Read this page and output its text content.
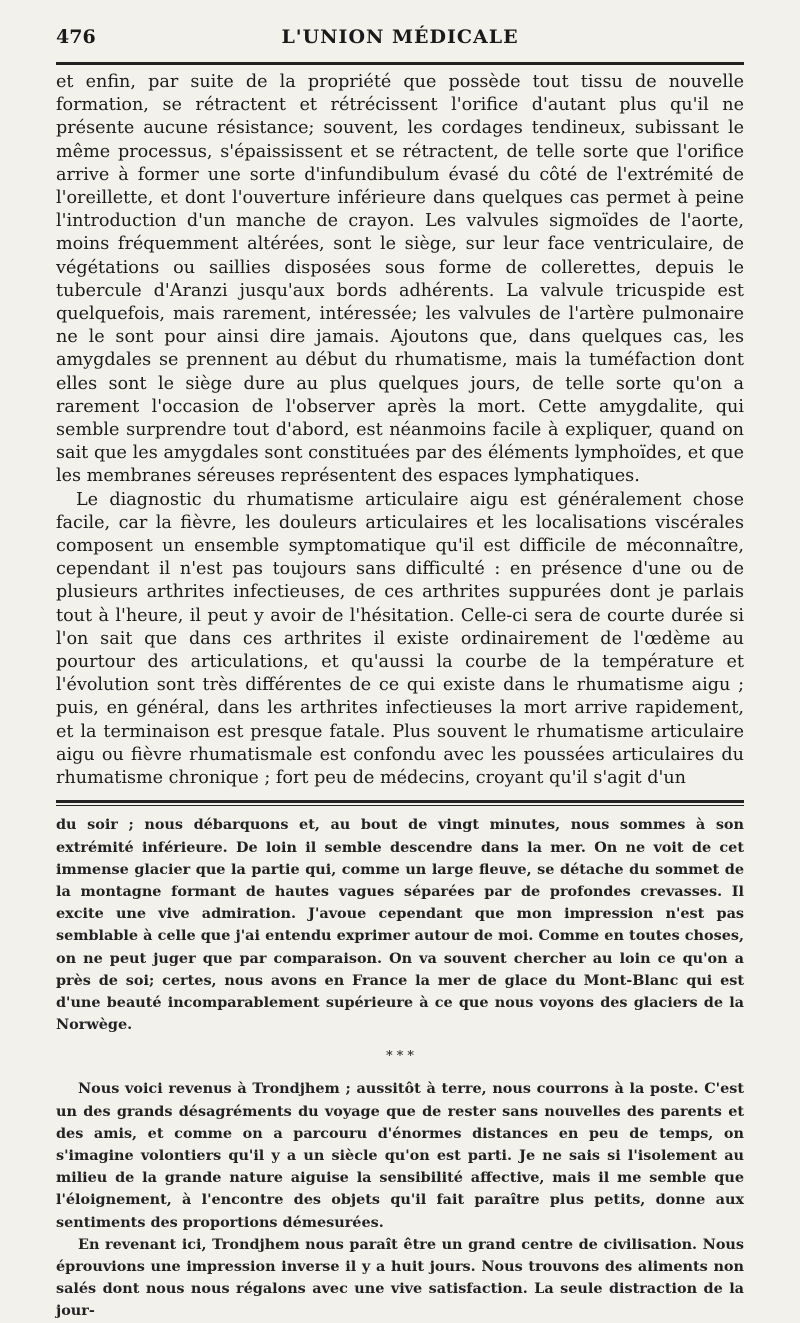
476	L'UNION MÉDICALE

et enfin, par suite de la propriété que possède tout tissu de nouvelle formation, se rétractent et rétrécissent l'orifice d'autant plus qu'il ne présente aucune résistance; souvent, les cordages tendineux, subissant le même processus, s'épaississent et se rétractent, de telle sorte que l'orifice arrive à former une sorte d'infundibulum évasé du côté de l'extrémité de l'oreillette, et dont l'ouverture inférieure dans quelques cas permet à peine l'introduction d'un manche de crayon. Les valvules sigmoïdes de l'aorte, moins fréquemment altérées, sont le siège, sur leur face ventriculaire, de végétations ou saillies disposées sous forme de collerettes, depuis le tubercule d'Aranzi jusqu'aux bords adhérents. La valvule tricuspide est quelquefois, mais rarement, intéressée; les valvules de l'artère pulmonaire ne le sont pour ainsi dire jamais. Ajoutons que, dans quelques cas, les amygdales se prennent au début du rhumatisme, mais la tuméfaction dont elles sont le siège dure au plus quelques jours, de telle sorte qu'on a rarement l'occasion de l'observer après la mort. Cette amygdalite, qui semble surprendre tout d'abord, est néanmoins facile à expliquer, quand on sait que les amygdales sont constituées par des éléments lymphoïdes, et que les membranes séreuses représentent des espaces lymphatiques.

Le diagnostic du rhumatisme articulaire aigu est généralement chose facile, car la fièvre, les douleurs articulaires et les localisations viscérales composent un ensemble symptomatique qu'il est difficile de méconnaître, cependant il n'est pas toujours sans difficulté : en présence d'une ou de plusieurs arthrites infectieuses, de ces arthrites suppurées dont je parlais tout à l'heure, il peut y avoir de l'hésitation. Celle-ci sera de courte durée si l'on sait que dans ces arthrites il existe ordinairement de l'œdème au pourtour des articulations, et qu'aussi la courbe de la température et l'évolution sont très différentes de ce qui existe dans le rhumatisme aigu ; puis, en général, dans les arthrites infectieuses la mort arrive rapidement, et la terminaison est presque fatale. Plus souvent le rhumatisme articulaire aigu ou fièvre rhumatismale est confondu avec les poussées articulaires du rhumatisme chronique ; fort peu de médecins, croyant qu'il s'agit d'un

du soir ; nous débarquons et, au bout de vingt minutes, nous sommes à son extrémité inférieure. De loin il semble descendre dans la mer. On ne voit de cet immense glacier que la partie qui, comme un large fleuve, se détache du sommet de la montagne formant de hautes vagues séparées par de profondes crevasses. Il excite une vive admiration. J'avoue cependant que mon impression n'est pas semblable à celle que j'ai entendu exprimer autour de moi. Comme en toutes choses, on ne peut juger que par comparaison. On va souvent chercher au loin ce qu'on a près de soi; certes, nous avons en France la mer de glace du Mont-Blanc qui est d'une beauté incomparablement supérieure à ce que nous voyons des glaciers de la Norwège.

* * *

Nous voici revenus à Trondjhem ; aussitôt à terre, nous courrons à la poste. C'est un des grands désagréments du voyage que de rester sans nouvelles des parents et des amis, et comme on a parcouru d'énormes distances en peu de temps, on s'imagine volontiers qu'il y a un siècle qu'on est parti. Je ne sais si l'isolement au milieu de la grande nature aiguise la sensibilité affective, mais il me semble que l'éloignement, à l'encontre des objets qu'il fait paraître plus petits, donne aux sentiments des proportions démesurées.

En revenant ici, Trondjhem nous paraît être un grand centre de civilisation. Nous éprouvions une impression inverse il y a huit jours. Nous trouvons des aliments non salés dont nous nous régalons avec une vive satisfaction. La seule distraction de la jour-
